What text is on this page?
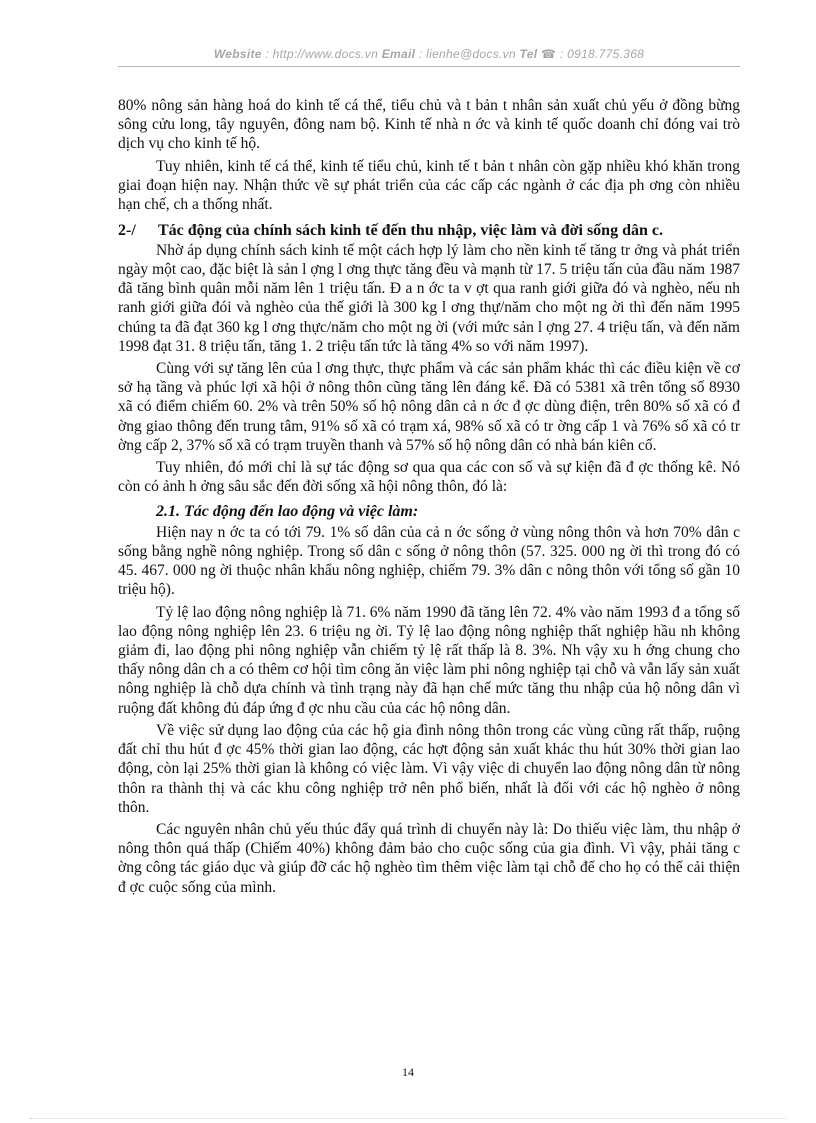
Website : http://www.docs.vn Email : lienhe@docs.vn Tel ☎ : 0918.775.368

80% nông sản hàng hoá do kinh tế cá thể, tiểu chủ và t bản t nhân sản xuất chủ yếu ở đồng bừng sông cửu long, tây nguyên, đông nam bộ. Kinh tế nhà n ớc và kinh tế quốc doanh chỉ đóng vai trò dịch vụ cho kinh tế hộ.

Tuy nhiên, kinh tế cá thể, kinh tế tiểu chủ, kinh tế t bản t nhân còn gặp nhiều khó khăn trong giai đoạn hiện nay. Nhận thức về sự phát triển của các cấp các ngành ở các địa ph ơng còn nhiều hạn chế, ch a thống nhất.

2-/	Tác động của chính sách kinh tế đến thu nhập, việc làm và đời sống dân c.

Nhờ áp dụng chính sách kinh tế một cách hợp lý làm cho nền kinh tế tăng tr ởng và phát triển ngày một cao, đặc biệt là sản l ợng l ơng thực tăng đều và mạnh từ 17. 5 triệu tấn của đầu năm 1987 đã tăng bình quân mỗi năm lên 1 triệu tấn. Đ a n ớc ta v ợt qua ranh giới giữa đó và nghèo, nếu nh ranh giới giữa đói và nghèo của thế giới là 300 kg l ơng thự/năm cho một ng ời thì đến năm 1995 chúng ta đã đạt 360 kg l ơng thực/năm cho một ng ời (với mức sản l ợng 27. 4 triệu tấn, và đến năm 1998 đạt 31. 8 triệu tấn, tăng 1. 2 triệu tấn tức là tăng 4% so với năm 1997).

Cùng với sự tăng lên của l ơng thực, thực phẩm và các sản phẩm khác thì các điều kiện về cơ sở hạ tầng và phúc lợi xã hội ở nông thôn cũng tăng lên đáng kể. Đã có 5381 xã trên tổng số 8930 xã có điểm chiếm 60. 2% và trên 50% số hộ nông dân cả n ớc đ ợc dùng điện, trên 80% số xã có đ ờng giao thông đến trung tâm, 91% số xã có trạm xá, 98% số xã có tr ờng cấp 1 và 76% số xã có tr ờng cấp 2, 37% số xã có trạm truyền thanh và 57% số hộ nông dân có nhà bán kiên cố.

Tuy nhiên, đó mới chỉ là sự tác động sơ qua qua các con số và sự kiện đã đ ợc thống kê. Nó còn có ảnh h ởng sâu sắc đến đời sống xã hội nông thôn, đó là:

2.1. Tác động đến lao động và việc làm:

Hiện nay n ớc ta có tới 79. 1% số dân của cả n ớc sống ở vùng nông thôn và hơn 70% dân c sống bằng nghề nông nghiệp. Trong số dân c sống ở nông thôn (57. 325. 000 ng ời thì trong đó có 45. 467. 000 ng ời thuộc nhân khẩu nông nghiệp, chiếm 79. 3% dân c nông thôn với tổng số gần 10 triệu hộ).

Tỷ lệ lao động nông nghiệp là 71. 6% năm 1990 đã tăng lên 72. 4% vào năm 1993 đ a tổng số lao động nông nghiệp lên 23. 6 triệu ng ời. Tỷ lệ lao động nông nghiệp thất nghiệp hầu nh không giảm đi, lao động phi nông nghiệp vẫn chiếm tỷ lệ rất thấp là 8. 3%. Nh vậy xu h ớng chung cho thấy nông dân ch a có thêm cơ hội tìm công ăn việc làm phi nông nghiệp tại chỗ và vẫn lấy sản xuất nông nghiệp là chỗ dựa chính và tình trạng này đã hạn chế mức tăng thu nhập của hộ nông dân vì ruộng đất không đủ đáp ứng đ ợc nhu cầu của các hộ nông dân.

Về việc sử dụng lao động của các hộ gia đình nông thôn trong các vùng cũng rất thấp, ruộng đất chỉ thu hút đ ợc 45% thời gian lao động, các hợt động sản xuất khác thu hút 30% thời gian lao động, còn lại 25% thời gian là không có việc làm. Vì vậy việc di chuyển lao động nông dân từ nông thôn ra thành thị và các khu công nghiệp trở nên phổ biến, nhất là đối với các hộ nghèo ở nông thôn.

Các nguyên nhân chủ yếu thúc đẩy quá trình di chuyển này là: Do thiếu việc làm, thu nhập ở nông thôn quá thấp (Chiếm 40%) không đảm bảo cho cuộc sống của gia đình. Vì vậy, phải tăng c ờng công tác giáo dục và giúp đỡ các hộ nghèo tìm thêm việc làm tại chỗ để cho họ có thể cải thiện đ ợc cuộc sống của mình.

14
